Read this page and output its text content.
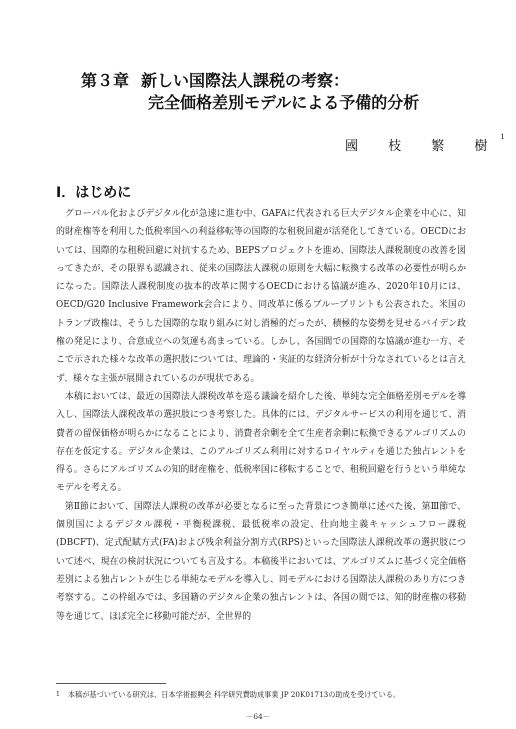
第３章 新しい国際法人課税の考察：
完全価格差別モデルによる予備的分析
國 枝 繁 樹$^1$
Ⅰ．はじめに

グローバル化およびデジタル化が急速に進む中、GAFAに代表される巨大デジタル企業を中心に、知的財産権等を利用した低税率国への利益移転等の国際的な租税回避が活発化してきている。OECDにおいては、国際的な租税回避に対抗するため、BEPSプロジェクトを進め、国際法人課税制度の改善を図ってきたが、その限界も認識され、従来の国際法人課税の原則を大幅に転換する改革の必要性が明らかになった。国際法人課税制度の抜本的改革に関するOECDにおける協議が進み、2020年10月には、OECD/G20 Inclusive Framework会合により、同改革に係るブループリントも公表された。米国のトランプ政権は、そうした国際的な取り組みに対し消極的だったが、積極的な姿勢を見せるバイデン政権の発足により、合意成立への気運も高まっている。しかし、各国間での国際的な協議が進む一方、そこで示された様々な改革の選択肢については、理論的・実証的な経済分析が十分なされているとは言えず、様々な主張が展開されているのが現状である。

本稿においては、最近の国際法人課税改革を巡る議論を紹介した後、単純な完全価格差別モデルを導入し、国際法人課税改革の選択肢につき考察した。具体的には、デジタルサービスの利用を通じて、消費者の留保価格が明らかになることにより、消費者余剰を全て生産者余剰に転換できるアルゴリズムの存在を仮定する。デジタル企業は、このアルゴリズム利用に対するロイヤルティを通じた独占レントを得る。さらにアルゴリズムの知的財産権を、低税率国に移転することで、租税回避を行うという単純なモデルを考える。

第Ⅱ節において、国際法人課税の改革が必要となるに至った背景につき簡単に述べた後、第Ⅲ節で、個別国によるデジタル課税・平衡税課税、最低税率の設定、仕向地主義キャッシュフロー課税(DBCFT)、定式配賦方式(FA)および残余利益分割方式(RPS)といった国際法人課税改革の選択肢について述べ、現在の検討状況についても言及する。本稿後半においては、アルゴリズムに基づく完全価格差別による独占レントが生じる単純なモデルを導入し、同モデルにおける国際法人課税のあり方につき考察する。この枠組みでは、多国籍のデジタル企業の独占レントは、各国の間では、知的財産権の移動等を通じて、ほぼ完全に移動可能だが、全世界的

$^1$ 本稿が基づいている研究は、日本学術振興会 科学研究費助成事業 JP 20K01713の助成を受けている。
－64－
